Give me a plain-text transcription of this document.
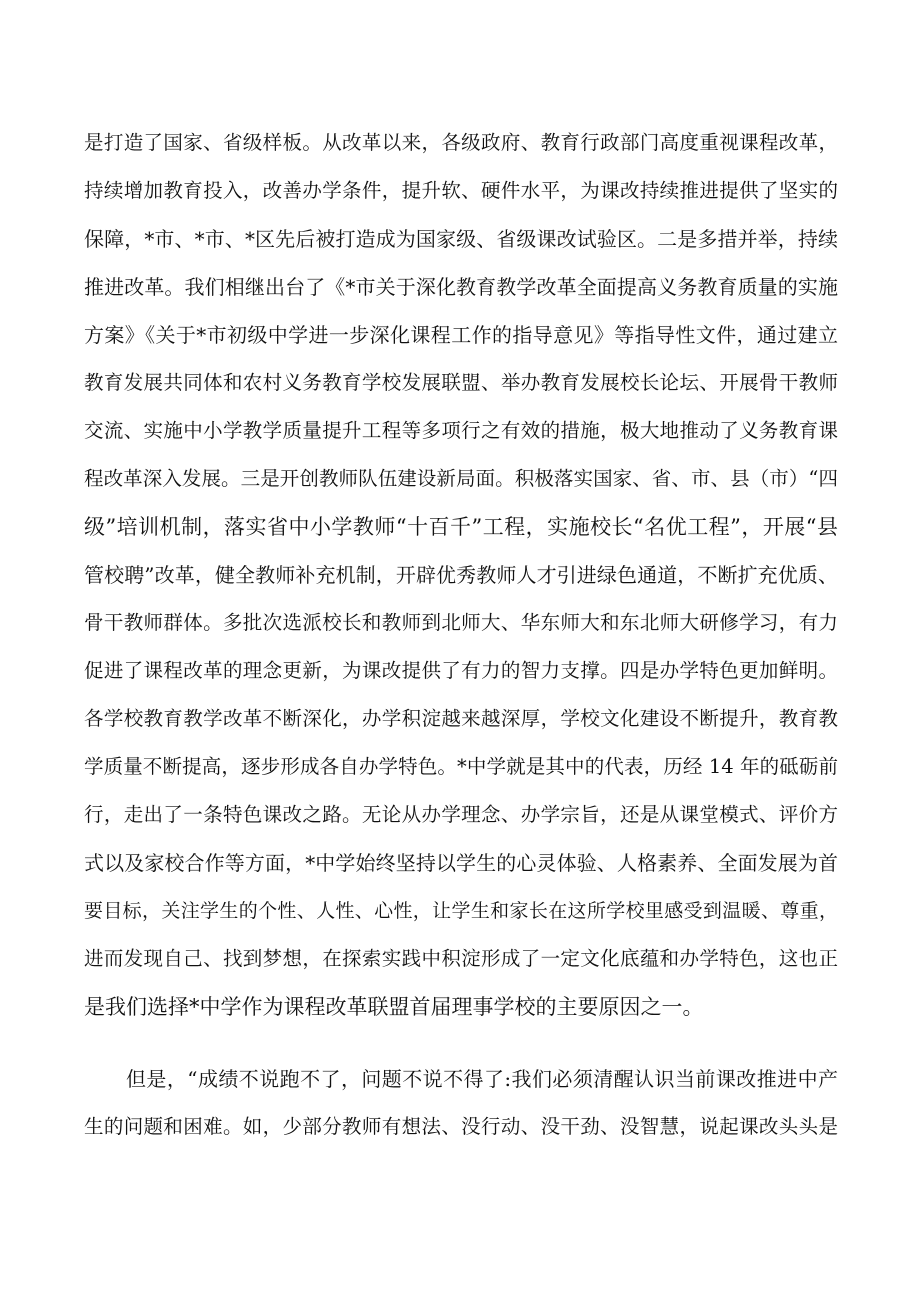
是打造了国家、省级样板。从改革以来，各级政府、教育行政部门高度重视课程改革，
持续增加教育投入，改善办学条件，提升软、硬件水平，为课改持续推进提供了坚实的
保障，*市、*市、*区先后被打造成为国家级、省级课改试验区。二是多措并举，持续
推进改革。我们相继出台了《*市关于深化教育教学改革全面提高义务教育质量的实施
方案》《关于*市初级中学进一步深化课程工作的指导意见》等指导性文件，通过建立
教育发展共同体和农村义务教育学校发展联盟、举办教育发展校长论坛、开展骨干教师
交流、实施中小学教学质量提升工程等多项行之有效的措施，极大地推动了义务教育课
程改革深入发展。三是开创教师队伍建设新局面。积极落实国家、省、市、县（市）“四
级”培训机制，落实省中小学教师“十百千”工程，实施校长“名优工程”，开展“县
管校聘”改革，健全教师补充机制，开辟优秀教师人才引进绿色通道，不断扩充优质、
骨干教师群体。多批次选派校长和教师到北师大、华东师大和东北师大研修学习，有力
促进了课程改革的理念更新，为课改提供了有力的智力支撑。四是办学特色更加鲜明。
各学校教育教学改革不断深化，办学积淀越来越深厚，学校文化建设不断提升，教育教
学质量不断提高，逐步形成各自办学特色。*中学就是其中的代表，历经 14 年的砥砺前
行，走出了一条特色课改之路。无论从办学理念、办学宗旨，还是从课堂模式、评价方
式以及家校合作等方面，*中学始终坚持以学生的心灵体验、人格素养、全面发展为首
要目标，关注学生的个性、人性、心性，让学生和家长在这所学校里感受到温暖、尊重，
进而发现自己、找到梦想，在探索实践中积淀形成了一定文化底蕴和办学特色，这也正
是我们选择*中学作为课程改革联盟首届理事学校的主要原因之一。
但是，“成绩不说跑不了，问题不说不得了:我们必须清醒认识当前课改推进中产
生的问题和困难。如，少部分教师有想法、没行动、没干劲、没智慧，说起课改头头是
